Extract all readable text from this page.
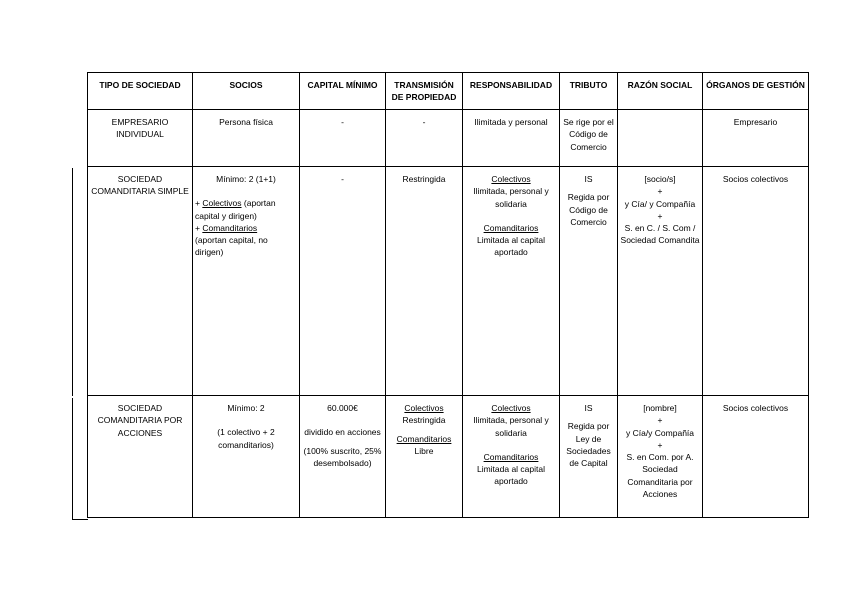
TIPO DE SOCIEDAD	SOCIOS	CAPITAL MÍNIMO	TRANSMISIÓN DE PROPIEDAD	RESPONSABILIDAD	TRIBUTO	RAZÓN SOCIAL	ÓRGANOS DE GESTIÓN
EMPRESARIO INDIVIDUAL	Persona física	-	-	Ilimitada y personal	Se rige por el Código de Comercio		Empresario
SOCIEDAD COMANDITARIA SIMPLE	Mínimo: 2 (1+1)
+ Colectivos (aportan capital y dirigen)
+ Comanditarios
(aportan capital, no dirigen)	-	Restringida	Colectivos
Ilimitada, personal y solidaria
Comanditarios
Limitada al capital aportado	IS
Regida por Código de Comercio	[socio/s]
+
y Cía/ y Compañía
+
S. en C. / S. Com / Sociedad Comandita	Socios colectivos
SOCIEDAD COMANDITARIA POR ACCIONES	Mínimo: 2
(1 colectivo + 2 comanditarios)	60.000€
dividido en acciones
(100% suscrito, 25% desembolsado)	Colectivos
Restringida
Comanditarios
Libre	Colectivos
Ilimitada, personal y solidaria
Comanditarios
Limitada al capital aportado	IS
Regida por Ley de Sociedades de Capital	[nombre]
+
y Cía/y Compañía
+
S. en Com. por A. Sociedad Comanditaria por Acciones	Socios colectivos
